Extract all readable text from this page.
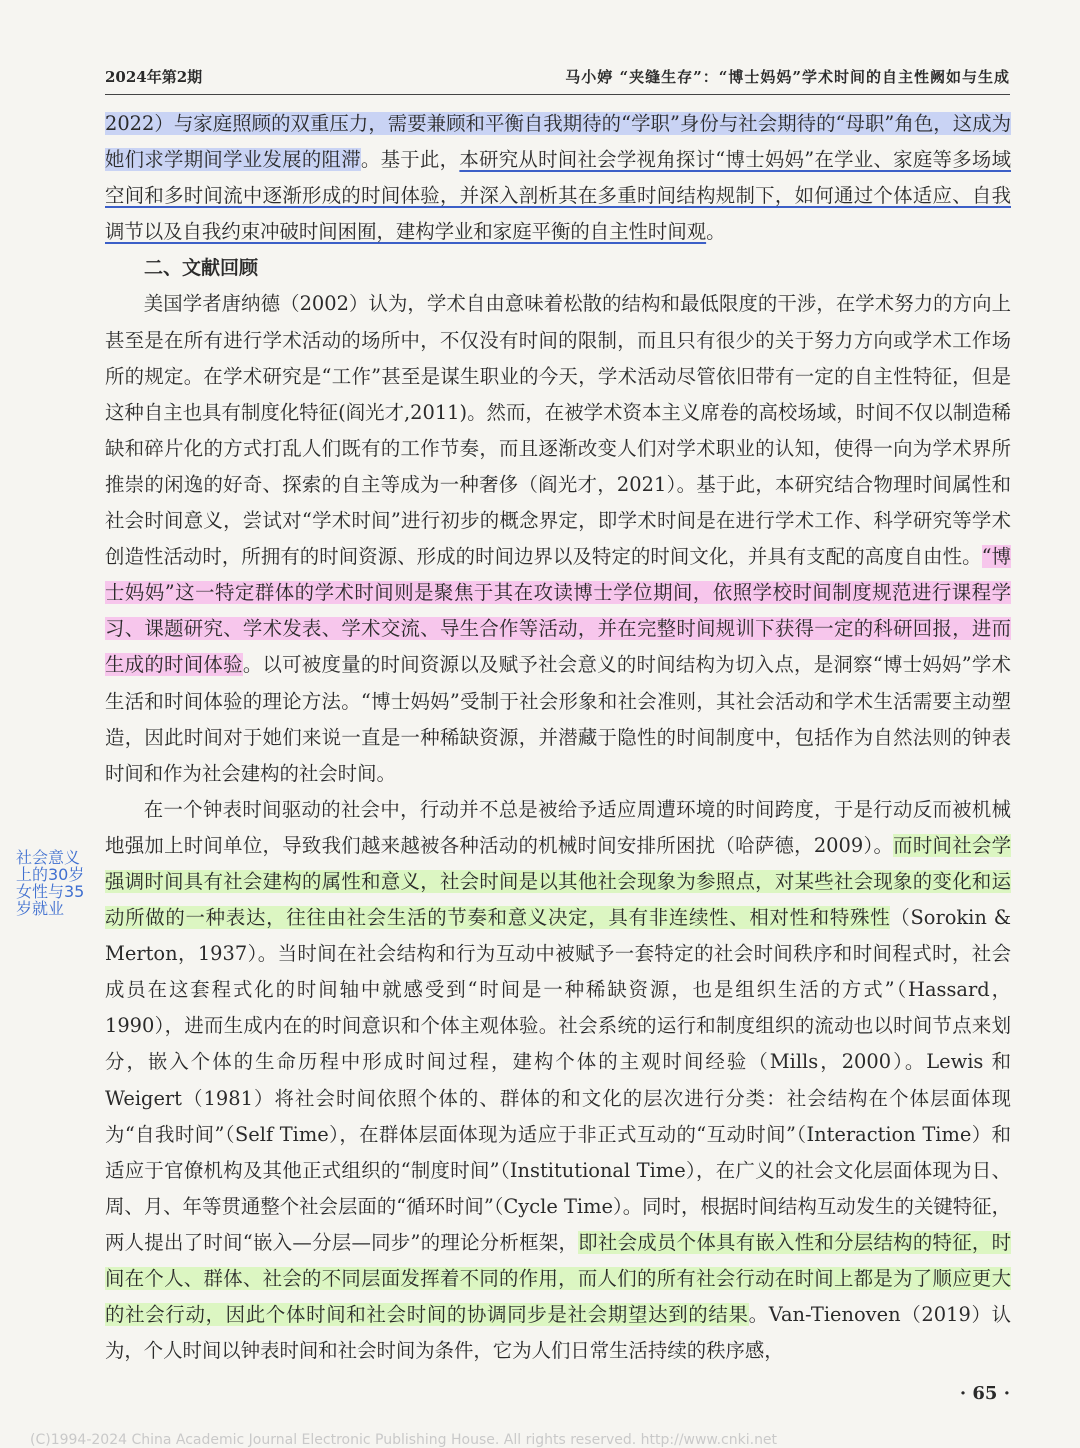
2024年第2期	马小婷 “夹缝生存”：“博士妈妈”学术时间的自主性阙如与生成

2022）与家庭照顾的双重压力，需要兼顾和平衡自我期待的“学职”身份与社会期待的“母职”角色，这成为她们求学期间学业发展的阻滞。基于此，本研究从时间社会学视角探讨“博士妈妈”在学业、家庭等多场域空间和多时间流中逐渐形成的时间体验，并深入剖析其在多重时间结构规制下，如何通过个体适应、自我调节以及自我约束冲破时间困囿，建构学业和家庭平衡的自主性时间观。

二、文献回顾

美国学者唐纳德（2002）认为，学术自由意味着松散的结构和最低限度的干涉，在学术努力的方向上甚至是在所有进行学术活动的场所中，不仅没有时间的限制，而且只有很少的关于努力方向或学术工作场所的规定。在学术研究是“工作”甚至是谋生职业的今天，学术活动尽管依旧带有一定的自主性特征，但是这种自主也具有制度化特征(阎光才,2011)。然而，在被学术资本主义席卷的高校场域，时间不仅以制造稀缺和碎片化的方式打乱人们既有的工作节奏，而且逐渐改变人们对学术职业的认知，使得一向为学术界所推崇的闲逸的好奇、探索的自主等成为一种奢侈（阎光才，2021）。基于此，本研究结合物理时间属性和社会时间意义，尝试对“学术时间”进行初步的概念界定，即学术时间是在进行学术工作、科学研究等学术创造性活动时，所拥有的时间资源、形成的时间边界以及特定的时间文化，并具有支配的高度自由性。“博士妈妈”这一特定群体的学术时间则是聚焦于其在攻读博士学位期间，依照学校时间制度规范进行课程学习、课题研究、学术发表、学术交流、导生合作等活动，并在完整时间规训下获得一定的科研回报，进而生成的时间体验。以可被度量的时间资源以及赋予社会意义的时间结构为切入点，是洞察“博士妈妈”学术生活和时间体验的理论方法。“博士妈妈”受制于社会形象和社会准则，其社会活动和学术生活需要主动塑造，因此时间对于她们来说一直是一种稀缺资源，并潜藏于隐性的时间制度中，包括作为自然法则的钟表时间和作为社会建构的社会时间。

在一个钟表时间驱动的社会中，行动并不总是被给予适应周遭环境的时间跨度，于是行动反而被机械地强加上时间单位，导致我们越来越被各种活动的机械时间安排所困扰（哈萨德，2009）。而时间社会学强调时间具有社会建构的属性和意义，社会时间是以其他社会现象为参照点，对某些社会现象的变化和运动所做的一种表达，往往由社会生活的节奏和意义决定，具有非连续性、相对性和特殊性（Sorokin & Merton，1937）。当时间在社会结构和行为互动中被赋予一套特定的社会时间秩序和时间程式时，社会成员在这套程式化的时间轴中就感受到“时间是一种稀缺资源，也是组织生活的方式”（Hassard，1990），进而生成内在的时间意识和个体主观体验。社会系统的运行和制度组织的流动也以时间节点来划分，嵌入个体的生命历程中形成时间过程，建构个体的主观时间经验（Mills，2000）。Lewis 和 Weigert（1981）将社会时间依照个体的、群体的和文化的层次进行分类：社会结构在个体层面体现为“自我时间”（Self Time），在群体层面体现为适应于非正式互动的“互动时间”（Interaction Time）和适应于官僚机构及其他正式组织的“制度时间”（Institutional Time），在广义的社会文化层面体现为日、周、月、年等贯通整个社会层面的“循环时间”（Cycle Time）。同时，根据时间结构互动发生的关键特征，两人提出了时间“嵌入—分层—同步”的理论分析框架，即社会成员个体具有嵌入性和分层结构的特征，时间在个人、群体、社会的不同层面发挥着不同的作用，而人们的所有社会行动在时间上都是为了顺应更大的社会行动，因此个体时间和社会时间的协调同步是社会期望达到的结果。Van-Tienoven（2019）认为，个人时间以钟表时间和社会时间为条件，它为人们日常生活持续的秩序感，

社会意义上的30岁女性与35岁就业
· 65 ·
(C)1994-2024 China Academic Journal Electronic Publishing House. All rights reserved. http://www.cnki.net
